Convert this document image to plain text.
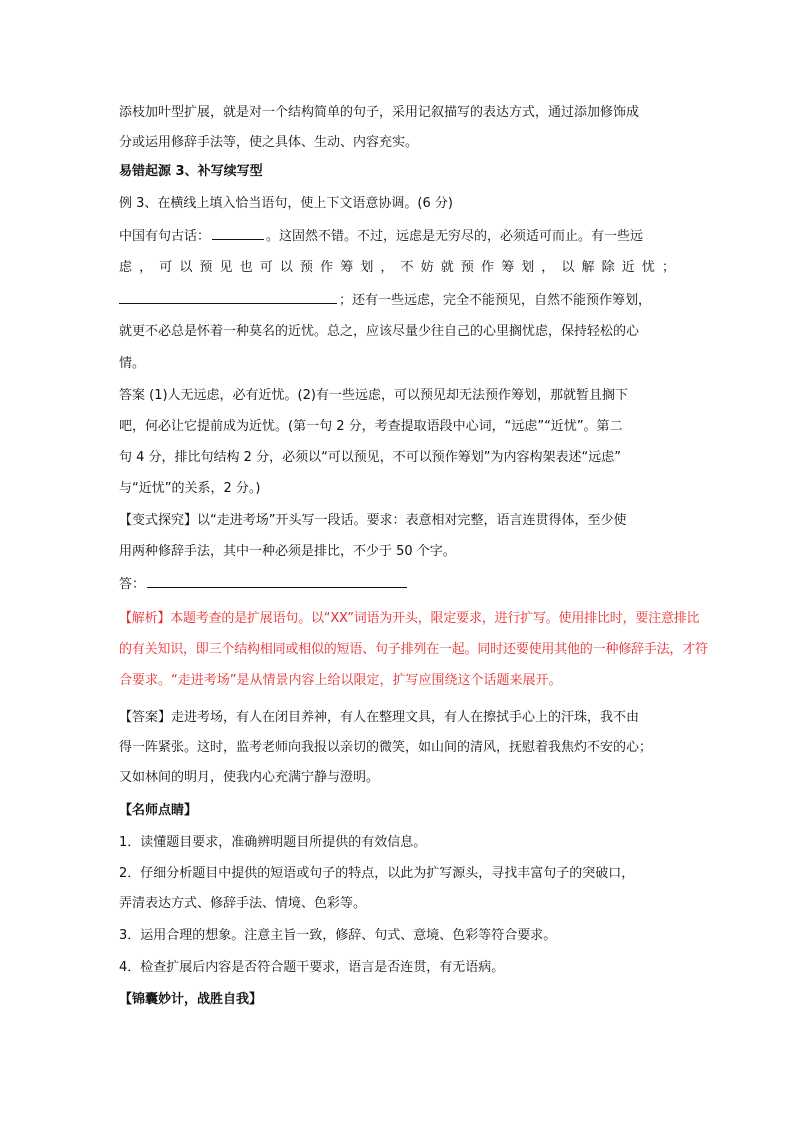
添枝加叶型扩展，就是对一个结构简单的句子，采用记叙描写的表达方式，通过添加修饰成

分或运用修辞手法等，使之具体、生动、内容充实。

易错起源 3、补写续写型

例 3、在横线上填入恰当语句，使上下文语意协调。(6 分)

中国有句古话：	。这固然不错。不过，远虑是无穷尽的，必须适可而止。有一些远

虑 ， 可 以 预 见 也 可 以 预 作 筹 划 ， 不 妨 就 预 作 筹 划 ， 以 解 除 近 忧 ；

；还有一些远虑，完全不能预见，自然不能预作筹划，

就更不必总是怀着一种莫名的近忧。总之，应该尽量少往自己的心里搁忧虑，保持轻松的心

情。

答案 (1)人无远虑，必有近忧。(2)有一些远虑，可以预见却无法预作筹划，那就暂且搁下

吧，何必让它提前成为近忧。(第一句 2 分，考查提取语段中心词，“远虑”“近忧”。第二

句 4 分，排比句结构 2 分，必须以“可以预见，不可以预作筹划”为内容构架表述“远虑”

与“近忧”的关系，2 分。)

【变式探究】以“走进考场”开头写一段话。要求：表意相对完整，语言连贯得体，至少使

用两种修辞手法，其中一种必须是排比，不少于 50 个字。

答：

【解析】本题考查的是扩展语句。以“XX”词语为开头，限定要求，进行扩写。使用排比时，要注意排比

的有关知识，即三个结构相同或相似的短语、句子排列在一起。同时还要使用其他的一种修辞手法，才符

合要求。“走进考场”是从情景内容上给以限定，扩写应围绕这个话题来展开。

【答案】走进考场，有人在闭目养神，有人在整理文具，有人在擦拭手心上的汗珠，我不由

得一阵紧张。这时，监考老师向我报以亲切的微笑，如山间的清风，抚慰着我焦灼不安的心；

又如林间的明月，使我内心充满宁静与澄明。

【名师点睛】

1．读懂题目要求，准确辨明题目所提供的有效信息。

2．仔细分析题目中提供的短语或句子的特点，以此为扩写源头，寻找丰富句子的突破口，

弄清表达方式、修辞手法、情境、色彩等。

3．运用合理的想象。注意主旨一致，修辞、句式、意境、色彩等符合要求。

4．检查扩展后内容是否符合题干要求，语言是否连贯，有无语病。

【锦囊妙计，战胜自我】
